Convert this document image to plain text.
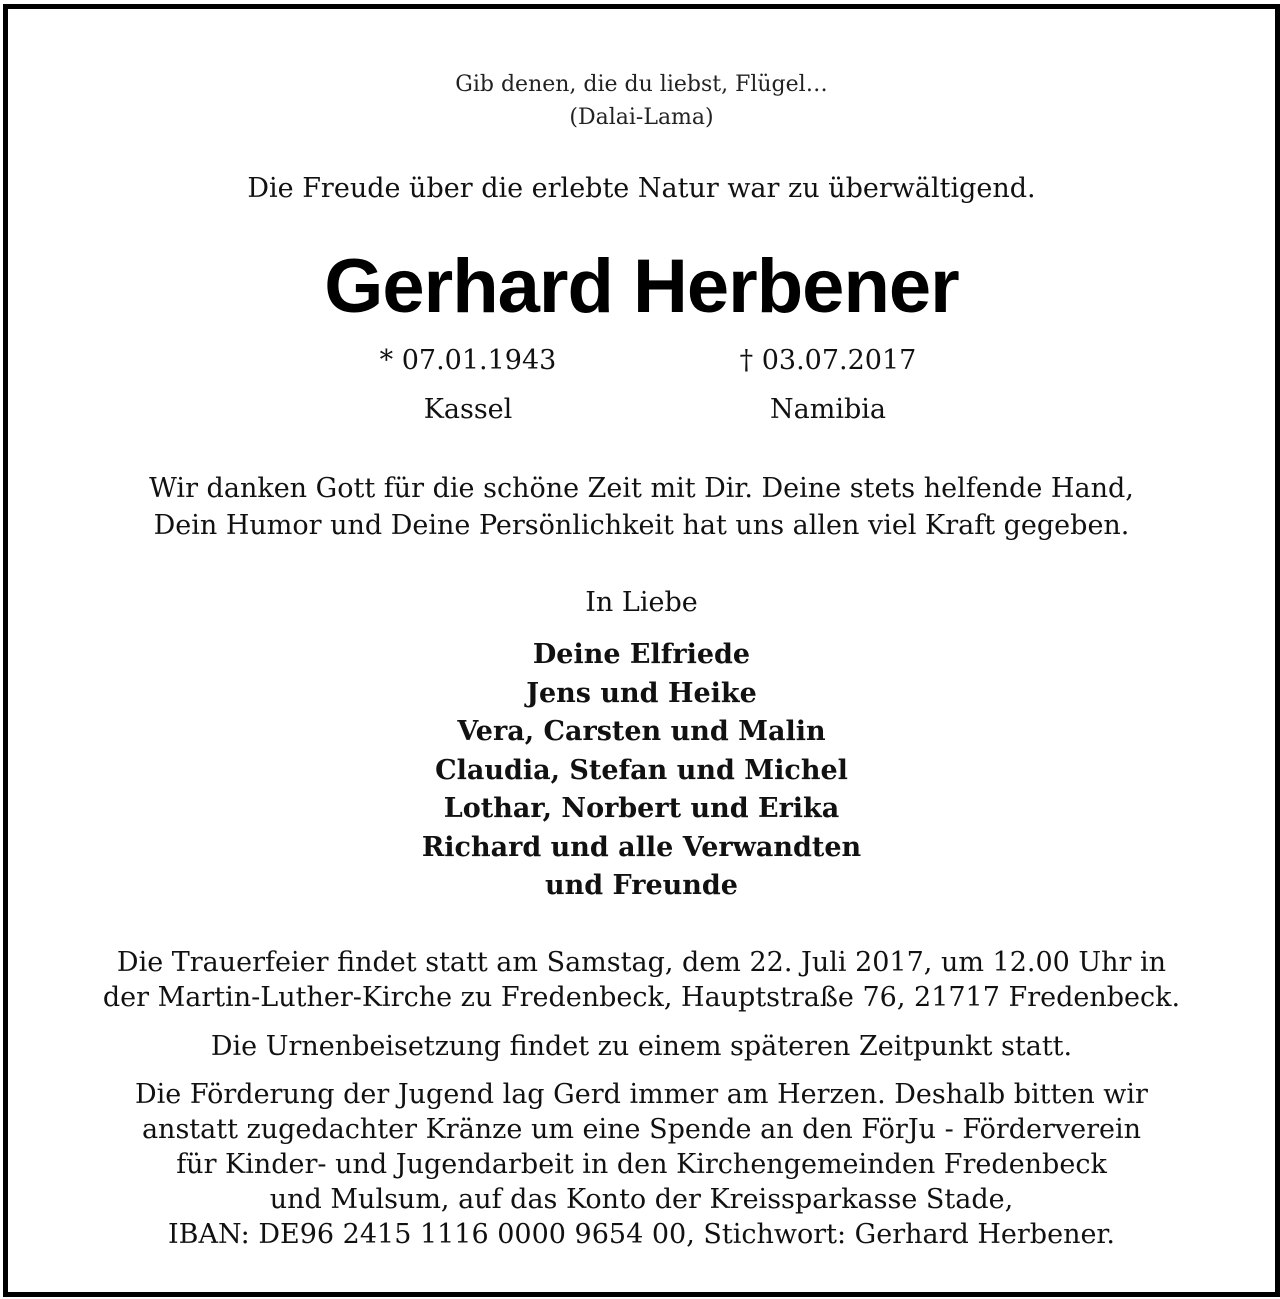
Gib denen, die du liebst, Flügel…
(Dalai-Lama)
Die Freude über die erlebte Natur war zu überwältigend.
Gerhard Herbener
* 07.01.1943	† 03.07.2017
Kassel	Namibia
Wir danken Gott für die schöne Zeit mit Dir. Deine stets helfende Hand,
Dein Humor und Deine Persönlichkeit hat uns allen viel Kraft gegeben.
In Liebe
Deine Elfriede
Jens und Heike
Vera, Carsten und Malin
Claudia, Stefan und Michel
Lothar, Norbert und Erika
Richard und alle Verwandten
und Freunde
Die Trauerfeier findet statt am Samstag, dem 22. Juli 2017, um 12.00 Uhr in
der Martin-Luther-Kirche zu Fredenbeck, Hauptstraße 76, 21717 Fredenbeck.
Die Urnenbeisetzung findet zu einem späteren Zeitpunkt statt.
Die Förderung der Jugend lag Gerd immer am Herzen. Deshalb bitten wir
anstatt zugedachter Kränze um eine Spende an den FörJu - Förderverein
für Kinder- und Jugendarbeit in den Kirchengemeinden Fredenbeck
und Mulsum, auf das Konto der Kreissparkasse Stade,
IBAN: DE96 2415 1116 0000 9654 00, Stichwort: Gerhard Herbener.
